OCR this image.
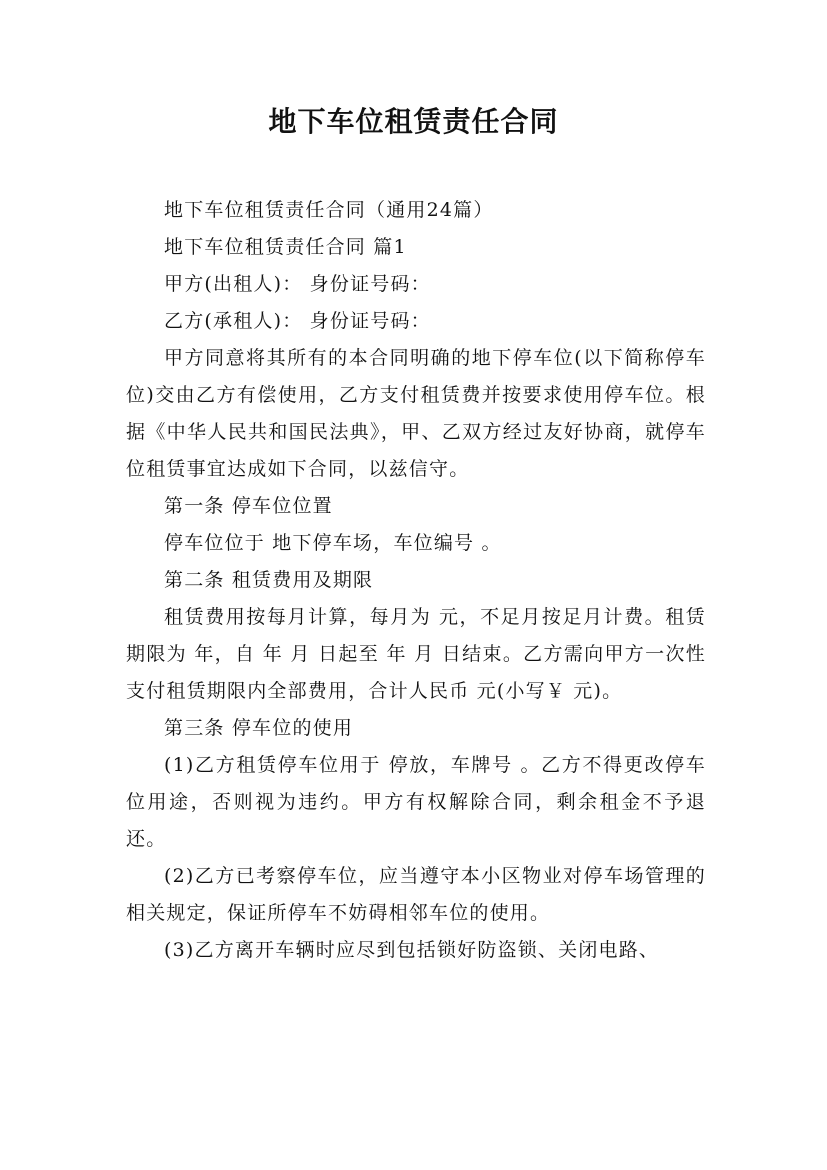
地下车位租赁责任合同

地下车位租赁责任合同（通用24篇）

地下车位租赁责任合同 篇1

甲方(出租人)： 身份证号码：

乙方(承租人)： 身份证号码：

甲方同意将其所有的本合同明确的地下停车位(以下简称停车位)交由乙方有偿使用，乙方支付租赁费并按要求使用停车位。根据《中华人民共和国民法典》，甲、乙双方经过友好协商，就停车位租赁事宜达成如下合同，以兹信守。

第一条 停车位位置

停车位位于 地下停车场，车位编号 。

第二条 租赁费用及期限

租赁费用按每月计算，每月为 元，不足月按足月计费。租赁期限为 年，自 年 月 日起至 年 月 日结束。乙方需向甲方一次性支付租赁期限内全部费用，合计人民币 元(小写￥ 元)。

第三条 停车位的使用

(1)乙方租赁停车位用于 停放，车牌号 。乙方不得更改停车位用途，否则视为违约。甲方有权解除合同，剩余租金不予退还。

(2)乙方已考察停车位，应当遵守本小区物业对停车场管理的相关规定，保证所停车不妨碍相邻车位的使用。

(3)乙方离开车辆时应尽到包括锁好防盗锁、关闭电路、
